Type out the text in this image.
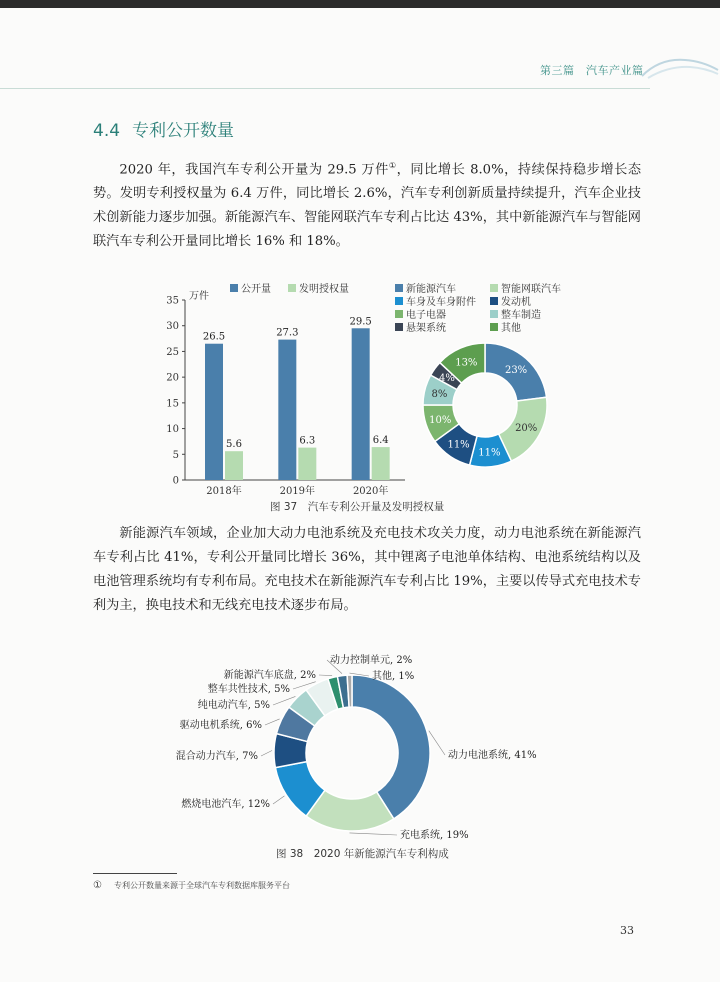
第三篇　汽车产业篇
4.4 专利公开数量

2020 年，我国汽车专利公开量为 29.5 万件①，同比增长 8.0%，持续保持稳步增长态势。发明专利授权量为 6.4 万件，同比增长 2.6%，汽车专利创新质量持续提升，汽车企业技术创新能力逐步加强。新能源汽车、智能网联汽车专利占比达 43%，其中新能源汽车与智能网联汽车专利公开量同比增长 16% 和 18%。

公开量	发明授权量
万件
0
5
10
15
20
25
30
35
26.5
5.6
2018年
27.3
6.3
2019年
29.5
6.4
2020年
新能源汽车	智能网联汽车
车身及车身附件	发动机
电子电器	整车制造
悬架系统	其他
23%
20%
11%
11%
10%
8%
4%
13%
图 37　汽车专利公开量及发明授权量

新能源汽车领域，企业加大动力电池系统及充电技术攻关力度，动力电池系统在新能源汽车专利占比 41%，专利公开量同比增长 36%，其中锂离子电池单体结构、电池系统结构以及电池管理系统均有专利布局。充电技术在新能源汽车专利占比 19%，主要以传导式充电技术专利为主，换电技术和无线充电技术逐步布局。

动力电池系统, 41%
充电系统, 19%
燃烧电池汽车, 12%
混合动力汽车, 7%
驱动电机系统, 6%
纯电动汽车, 5%
整车共性技术, 5%
新能源汽车底盘, 2%
动力控制单元, 2%
其他, 1%
图 38　2020 年新能源汽车专利构成
① 专利公开数量来源于全球汽车专利数据库服务平台
33
